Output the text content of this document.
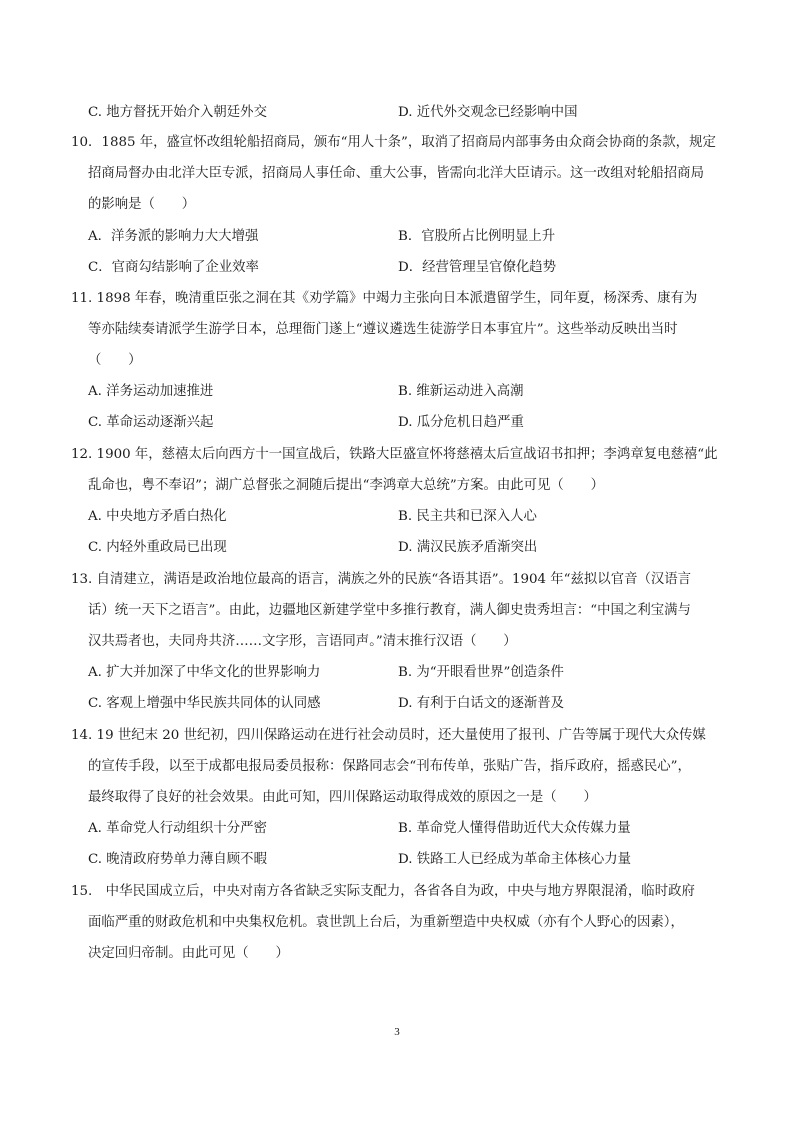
C. 地方督抚开始介入朝廷外交	D. 近代外交观念已经影响中国
10．1885 年，盛宣怀改组轮船招商局，颁布“用人十条”，取消了招商局内部事务由众商会协商的条款，规定
招商局督办由北洋大臣专派，招商局人事任命、重大公事，皆需向北洋大臣请示。这一改组对轮船招商局
的影响是（　　）
A．洋务派的影响力大大增强	B．官股所占比例明显上升
C．官商勾结影响了企业效率	D．经营管理呈官僚化趋势
11. 1898 年春，晚清重臣张之洞在其《劝学篇》中竭力主张向日本派遣留学生，同年夏，杨深秀、康有为
等亦陆续奏请派学生游学日本，总理衙门遂上“遵议遴选生徒游学日本事宜片”。这些举动反映出当时
（　　）
A. 洋务运动加速推进	B. 维新运动进入高潮
C. 革命运动逐渐兴起	D. 瓜分危机日趋严重
12. 1900 年，慈禧太后向西方十一国宣战后，铁路大臣盛宣怀将慈禧太后宣战诏书扣押；李鸿章复电慈禧“此
乱命也，粤不奉诏”；湖广总督张之洞随后提出“李鸿章大总统”方案。由此可见（　　）
A. 中央地方矛盾白热化	B. 民主共和已深入人心
C. 内轻外重政局已出现	D. 满汉民族矛盾渐突出
13. 自清建立，满语是政治地位最高的语言，满族之外的民族“各语其语”。1904 年“兹拟以官音（汉语言
话）统一天下之语言”。由此，边疆地区新建学堂中多推行教育，满人御史贵秀坦言：“中国之利宝满与
汉共焉者也，夫同舟共济……文字形，言语同声。”清末推行汉语（　　）
A. 扩大并加深了中华文化的世界影响力	B. 为“开眼看世界”创造条件
C. 客观上增强中华民族共同体的认同感	D. 有利于白话文的逐渐普及
14. 19 世纪末 20 世纪初，四川保路运动在进行社会动员时，还大量使用了报刊、广告等属于现代大众传媒
的宣传手段，以至于成都电报局委员报称：保路同志会“刊布传单，张贴广告，指斥政府，摇惑民心”，
最终取得了良好的社会效果。由此可知，四川保路运动取得成效的原因之一是（　　）
A. 革命党人行动组织十分严密	B. 革命党人懂得借助近代大众传媒力量
C. 晚清政府势单力薄自顾不暇	D. 铁路工人已经成为革命主体核心力量
15.　中华民国成立后，中央对南方各省缺乏实际支配力，各省各自为政，中央与地方界限混淆，临时政府
面临严重的财政危机和中央集权危机。袁世凯上台后，为重新塑造中央权威（亦有个人野心的因素），
决定回归帝制。由此可见（　　）
3
